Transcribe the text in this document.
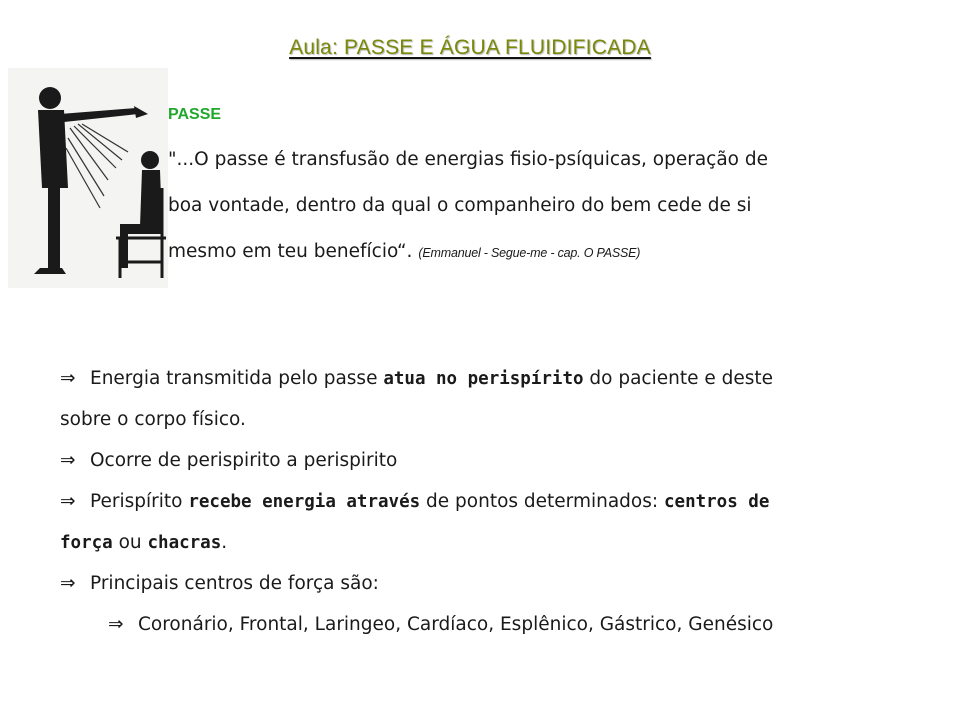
Aula: PASSE E ÁGUA FLUIDIFICADA
PASSE
"...O passe é transfusão de energias fisio-psíquicas, operação de
boa vontade, dentro da qual o companheiro do bem cede de si
mesmo em teu benefício“. (Emmanuel - Segue-me - cap. O PASSE)
⇒ Energia transmitida pelo passe atua no perispírito do paciente e deste
sobre o corpo físico.
⇒ Ocorre de perispirito a perispirito
⇒ Perispírito recebe energia através de pontos determinados: centros de
força ou chacras.
⇒ Principais centros de força são:
⇒ Coronário, Frontal, Laringeo, Cardíaco, Esplênico, Gástrico, Genésico
